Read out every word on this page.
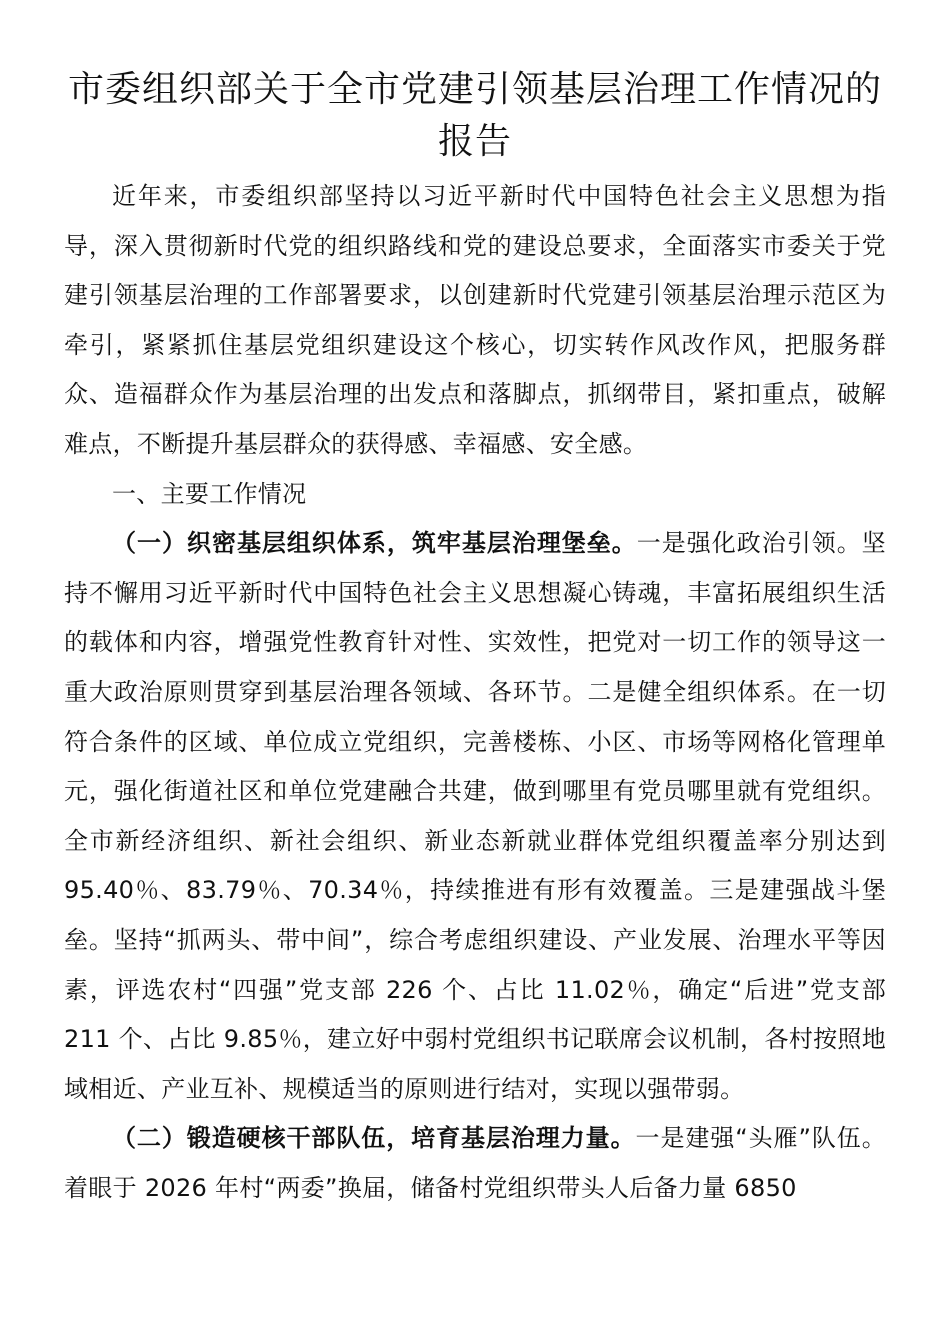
市委组织部关于全市党建引领基层治理工作情况的报告

近年来，市委组织部坚持以习近平新时代中国特色社会主义思想为指导，深入贯彻新时代党的组织路线和党的建设总要求，全面落实市委关于党建引领基层治理的工作部署要求，以创建新时代党建引领基层治理示范区为牵引，紧紧抓住基层党组织建设这个核心，切实转作风改作风，把服务群众、造福群众作为基层治理的出发点和落脚点，抓纲带目，紧扣重点，破解难点，不断提升基层群众的获得感、幸福感、安全感。

一、主要工作情况

（一）织密基层组织体系，筑牢基层治理堡垒。一是强化政治引领。坚持不懈用习近平新时代中国特色社会主义思想凝心铸魂，丰富拓展组织生活的载体和内容，增强党性教育针对性、实效性，把党对一切工作的领导这一重大政治原则贯穿到基层治理各领域、各环节。二是健全组织体系。在一切符合条件的区域、单位成立党组织，完善楼栋、小区、市场等网格化管理单元，强化街道社区和单位党建融合共建，做到哪里有党员哪里就有党组织。全市新经济组织、新社会组织、新业态新就业群体党组织覆盖率分别达到 95.40％、83.79％、70.34％，持续推进有形有效覆盖。三是建强战斗堡垒。坚持“抓两头、带中间”，综合考虑组织建设、产业发展、治理水平等因素，评选农村“四强”党支部 226 个、占比 11.02％，确定“后进”党支部 211 个、占比 9.85％，建立好中弱村党组织书记联席会议机制，各村按照地域相近、产业互补、规模适当的原则进行结对，实现以强带弱。

（二）锻造硬核干部队伍，培育基层治理力量。一是建强“头雁”队伍。着眼于 2026 年村“两委”换届，储备村党组织带头人后备力量 6850
